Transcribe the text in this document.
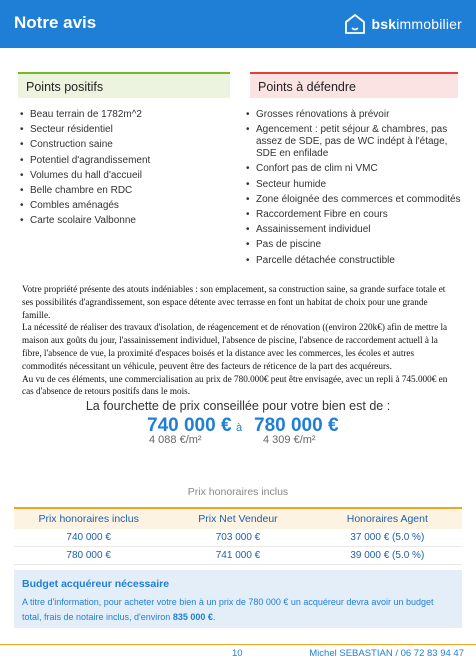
Notre avis	bskimmobilier
Points positifs	Points à défendre
• Beau terrain de 1782m^2
• Secteur résidentiel
• Construction saine
• Potentiel d'agrandissement
• Volumes du hall d'accueil
• Belle chambre en RDC
• Combles aménagés
• Carte scolaire Valbonne
• Grosses rénovations à prévoir
• Agencement : petit séjour & chambres, pas assez de SDE, pas de WC indépt à l'étage, SDE en enfilade
• Confort pas de clim ni VMC
• Secteur humide
• Zone éloignée des commerces et commodités
• Raccordement Fibre en cours
• Assainissement individuel
• Pas de piscine
• Parcelle détachée constructible
Votre propriété présente des atouts indéniables : son emplacement, sa construction saine, sa grande surface totale et ses possibilités d'agrandissement, son espace détente avec terrasse en font un habitat de choix pour une grande famille.
La nécessité de réaliser des travaux d'isolation, de réagencement et de rénovation ((environ 220k€) afin de mettre la maison aux goûts du jour, l'assainissement individuel, l'absence de piscine, l'absence de raccordement actuell à la fibre, l'absence de vue, la proximité d'espaces boisés et la distance avec les commerces, les écoles et autres commodités nécessitant un véhicule, peuvent être des facteurs de réticence de la part des acquéreurs.
Au vu de ces éléments, une commercialisation au prix de 780.000€ peut être envisagée, avec un repli à 745.000€ en cas d'absence de retours positifs dans le mois.
La fourchette de prix conseillée pour votre bien est de :
740 000 € à 780 000 €
4 088 €/m²	4 309 €/m²
Prix honoraires inclus
Prix honoraires inclus	Prix Net Vendeur	Honoraires Agent
740 000 €	703 000 €	37 000 € (5.0 %)
780 000 €	741 000 €	39 000 € (5.0 %)
Budget acquéreur nécessaire
A titre d'information, pour acheter votre bien à un prix de 780 000 € un acquéreur devra avoir un budget total, frais de notaire inclus, d'environ 835 000 €.
10	Michel SEBASTIAN / 06 72 83 94 47
